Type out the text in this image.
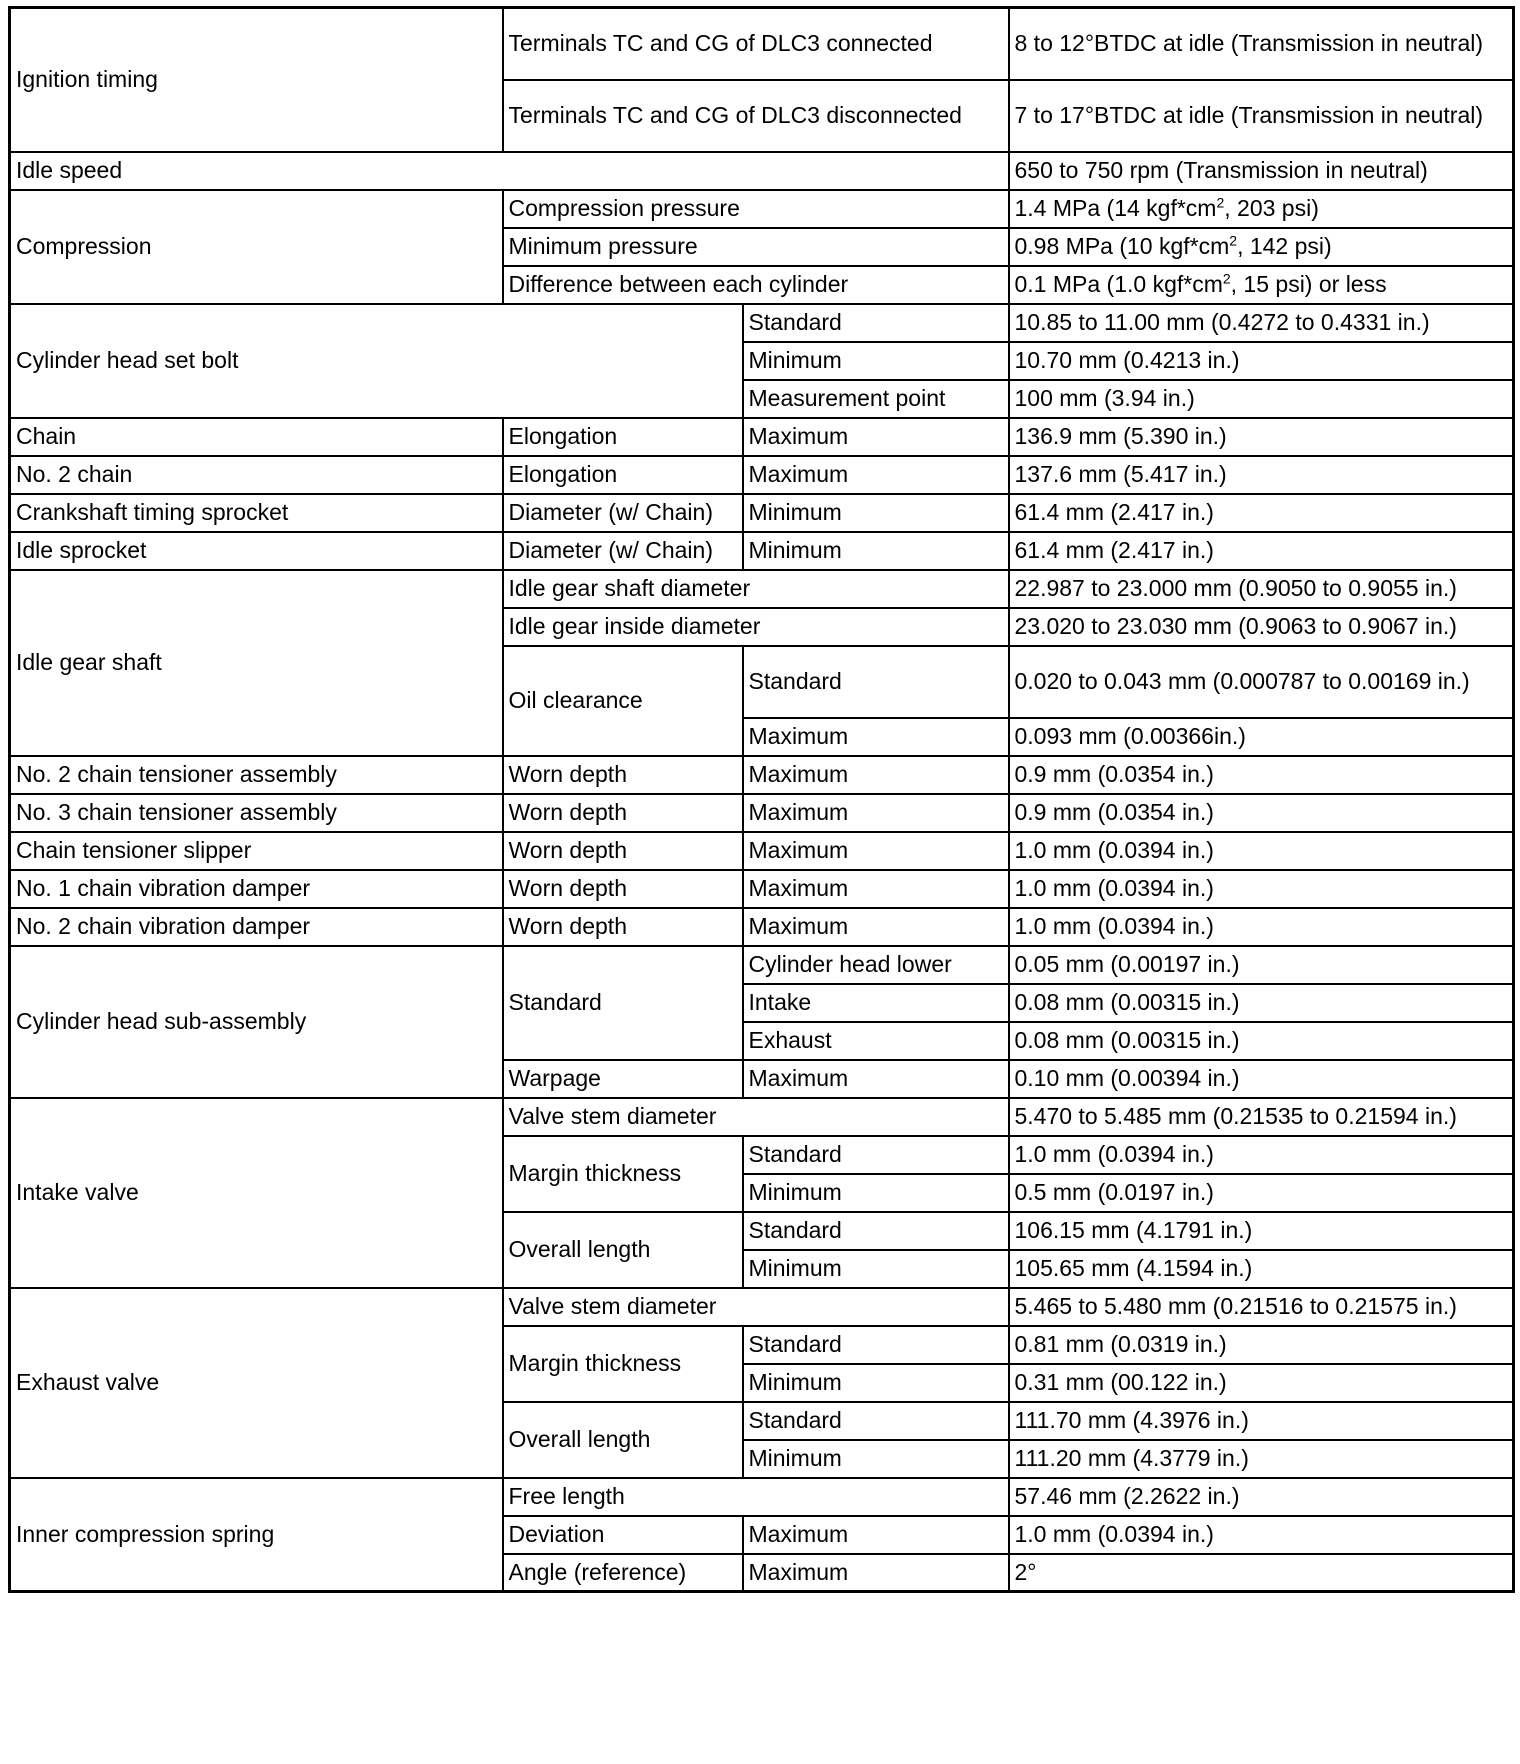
Ignition timing	Terminals TC and CG of DLC3 connected		8 to 12°BTDC at idle (Transmission in neutral)
	Terminals TC and CG of DLC3 disconnected		7 to 17°BTDC at idle (Transmission in neutral)
Idle speed			650 to 750 rpm (Transmission in neutral)
Compression	Compression pressure		1.4 MPa (14 $kgf*cm^2$, 203 psi)
	Minimum pressure		0.98 MPa (10 $kgf*cm^2$, 142 psi)
	Difference between each cylinder		0.1 MPa (1.0 $kgf*cm^2$, 15 psi) or less
Cylinder head set bolt		Standard	10.85 to 11.00 mm (0.4272 to 0.4331 in.)
		Minimum	10.70 mm (0.4213 in.)
		Measurement point	100 mm (3.94 in.)
Chain	Elongation	Maximum	136.9 mm (5.390 in.)
No. 2 chain	Elongation	Maximum	137.6 mm (5.417 in.)
Crankshaft timing sprocket	Diameter (w/ Chain)	Minimum	61.4 mm (2.417 in.)
Idle sprocket	Diameter (w/ Chain)	Minimum	61.4 mm (2.417 in.)
Idle gear shaft	Idle gear shaft diameter		22.987 to 23.000 mm (0.9050 to 0.9055 in.)
	Idle gear inside diameter		23.020 to 23.030 mm (0.9063 to 0.9067 in.)
	Oil clearance	Standard	0.020 to 0.043 mm (0.000787 to 0.00169 in.)
		Maximum	0.093 mm (0.00366in.)
No. 2 chain tensioner assembly	Worn depth	Maximum	0.9 mm (0.0354 in.)
No. 3 chain tensioner assembly	Worn depth	Maximum	0.9 mm (0.0354 in.)
Chain tensioner slipper	Worn depth	Maximum	1.0 mm (0.0394 in.)
No. 1 chain vibration damper	Worn depth	Maximum	1.0 mm (0.0394 in.)
No. 2 chain vibration damper	Worn depth	Maximum	1.0 mm (0.0394 in.)
Cylinder head sub-assembly	Standard	Cylinder head lower	0.05 mm (0.00197 in.)
		Intake	0.08 mm (0.00315 in.)
		Exhaust	0.08 mm (0.00315 in.)
	Warpage	Maximum	0.10 mm (0.00394 in.)
Intake valve	Valve stem diameter		5.470 to 5.485 mm (0.21535 to 0.21594 in.)
	Margin thickness	Standard	1.0 mm (0.0394 in.)
		Minimum	0.5 mm (0.0197 in.)
	Overall length	Standard	106.15 mm (4.1791 in.)
		Minimum	105.65 mm (4.1594 in.)
Exhaust valve	Valve stem diameter		5.465 to 5.480 mm (0.21516 to 0.21575 in.)
	Margin thickness	Standard	0.81 mm (0.0319 in.)
		Minimum	0.31 mm (00.122 in.)
	Overall length	Standard	111.70 mm (4.3976 in.)
		Minimum	111.20 mm (4.3779 in.)
Inner compression spring	Free length		57.46 mm (2.2622 in.)
	Deviation	Maximum	1.0 mm (0.0394 in.)
	Angle (reference)	Maximum	2°
